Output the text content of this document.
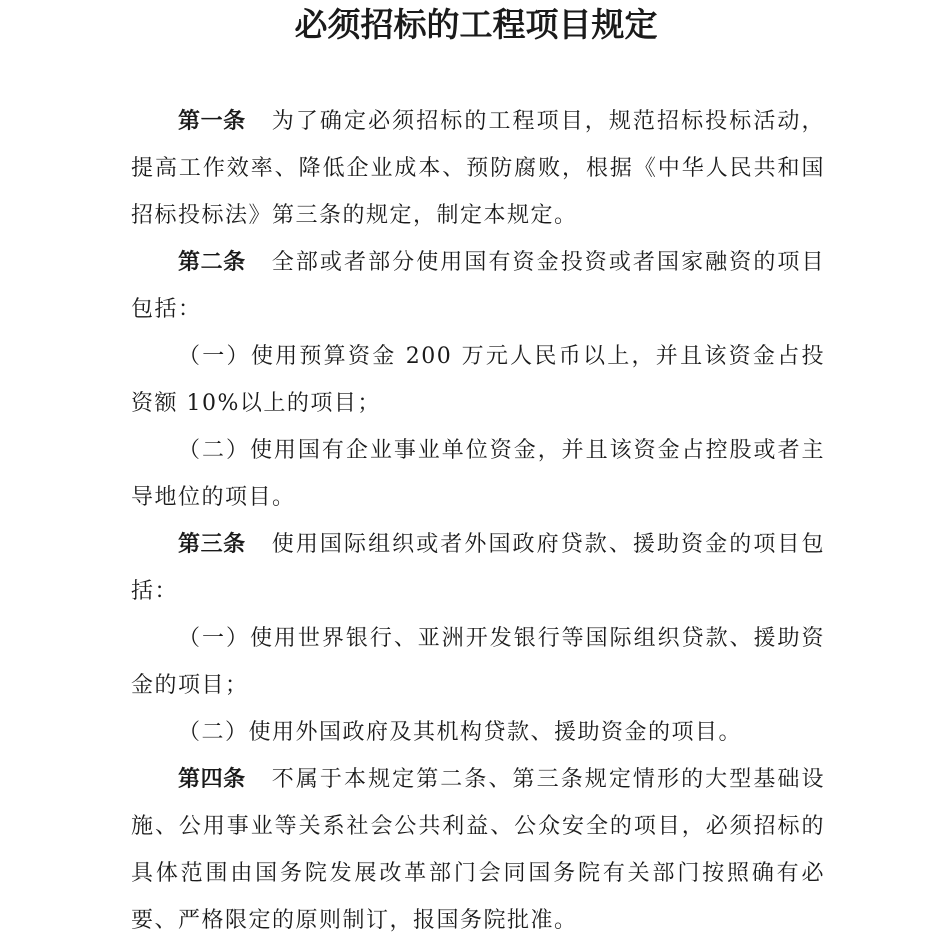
必须招标的工程项目规定

第一条 为了确定必须招标的工程项目，规范招标投标活动，提高工作效率、降低企业成本、预防腐败，根据《中华人民共和国招标投标法》第三条的规定，制定本规定。

第二条 全部或者部分使用国有资金投资或者国家融资的项目包括：

（一）使用预算资金 200 万元人民币以上，并且该资金占投资额 10%以上的项目；

（二）使用国有企业事业单位资金，并且该资金占控股或者主导地位的项目。

第三条 使用国际组织或者外国政府贷款、援助资金的项目包括：

（一）使用世界银行、亚洲开发银行等国际组织贷款、援助资金的项目；

（二）使用外国政府及其机构贷款、援助资金的项目。

第四条 不属于本规定第二条、第三条规定情形的大型基础设施、公用事业等关系社会公共利益、公众安全的项目，必须招标的具体范围由国务院发展改革部门会同国务院有关部门按照确有必要、严格限定的原则制订，报国务院批准。
